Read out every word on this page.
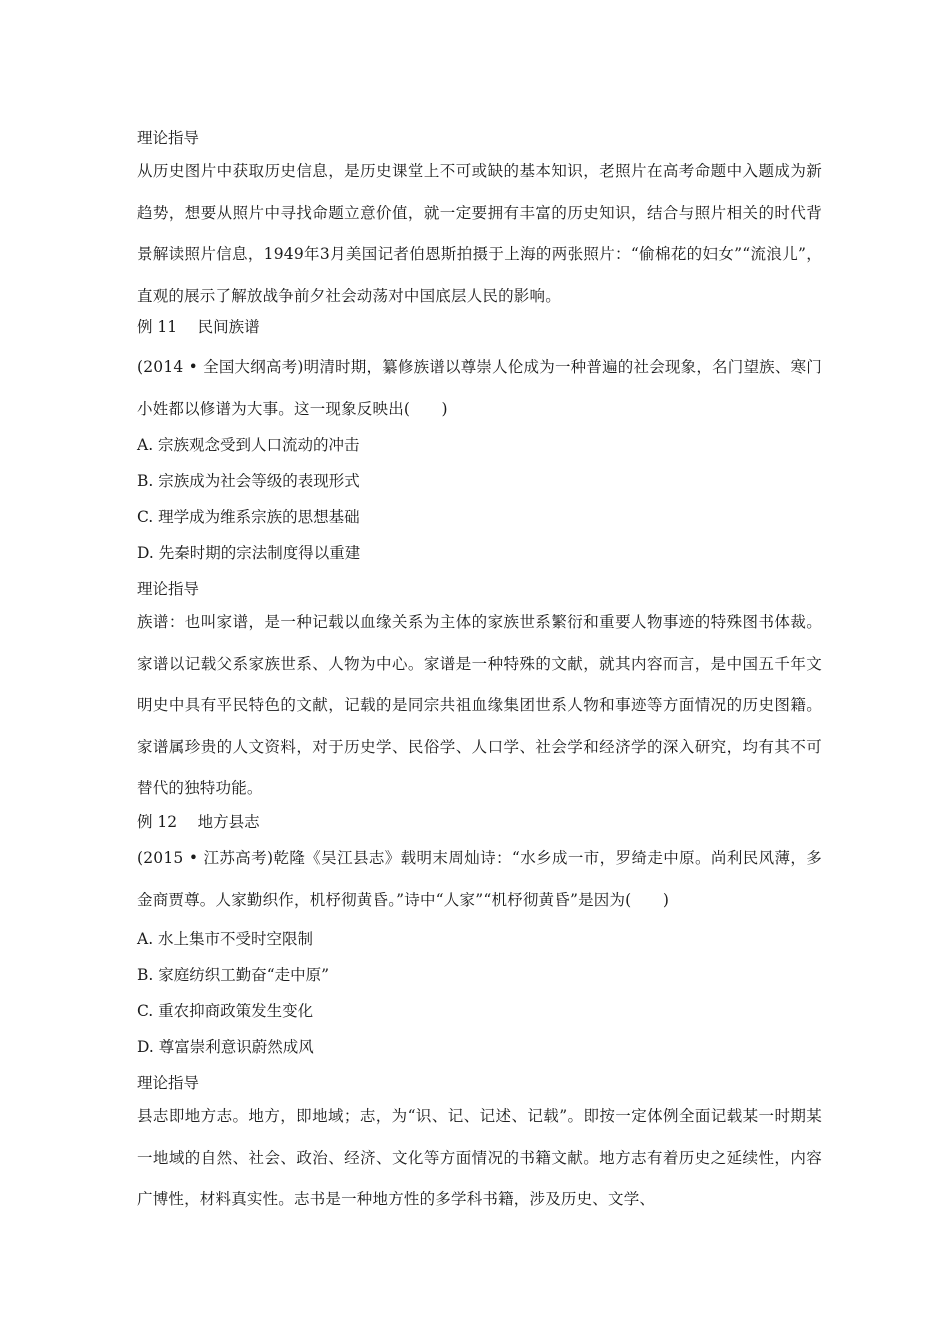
理论指导

从历史图片中获取历史信息，是历史课堂上不可或缺的基本知识，老照片在高考命题中入题成为新趋势，想要从照片中寻找命题立意价值，就一定要拥有丰富的历史知识，结合与照片相关的时代背景解读照片信息，1949年3月美国记者伯恩斯拍摄于上海的两张照片：“偷棉花的妇女”“流浪儿”，直观的展示了解放战争前夕社会动荡对中国底层人民的影响。

例 11　 民间族谱

(2014 • 全国大纲高考)明清时期，纂修族谱以尊崇人伦成为一种普遍的社会现象，名门望族、寒门小姓都以修谱为大事。这一现象反映出(　　)

A. 宗族观念受到人口流动的冲击
B. 宗族成为社会等级的表现形式
C. 理学成为维系宗族的思想基础
D. 先秦时期的宗法制度得以重建
理论指导

族谱：也叫家谱，是一种记载以血缘关系为主体的家族世系繁衍和重要人物事迹的特殊图书体裁。家谱以记载父系家族世系、人物为中心。家谱是一种特殊的文献，就其内容而言，是中国五千年文明史中具有平民特色的文献，记载的是同宗共祖血缘集团世系人物和事迹等方面情况的历史图籍。家谱属珍贵的人文资料，对于历史学、民俗学、人口学、社会学和经济学的深入研究，均有其不可替代的独特功能。

例 12　 地方县志

(2015 • 江苏高考)乾隆《吴江县志》载明末周灿诗：“水乡成一市，罗绮走中原。尚利民风薄，多金商贾尊。人家勤织作，机杼彻黄昏。”诗中“人家”“机杼彻黄昏”是因为(　　)

A. 水上集市不受时空限制
B. 家庭纺织工勤奋“走中原”
C. 重农抑商政策发生变化
D. 尊富崇利意识蔚然成风
理论指导

县志即地方志。地方，即地域；志，为“识、记、记述、记载”。即按一定体例全面记载某一时期某一地域的自然、社会、政治、经济、文化等方面情况的书籍文献。地方志有着历史之延续性，内容广博性，材料真实性。志书是一种地方性的多学科书籍，涉及历史、文学、
